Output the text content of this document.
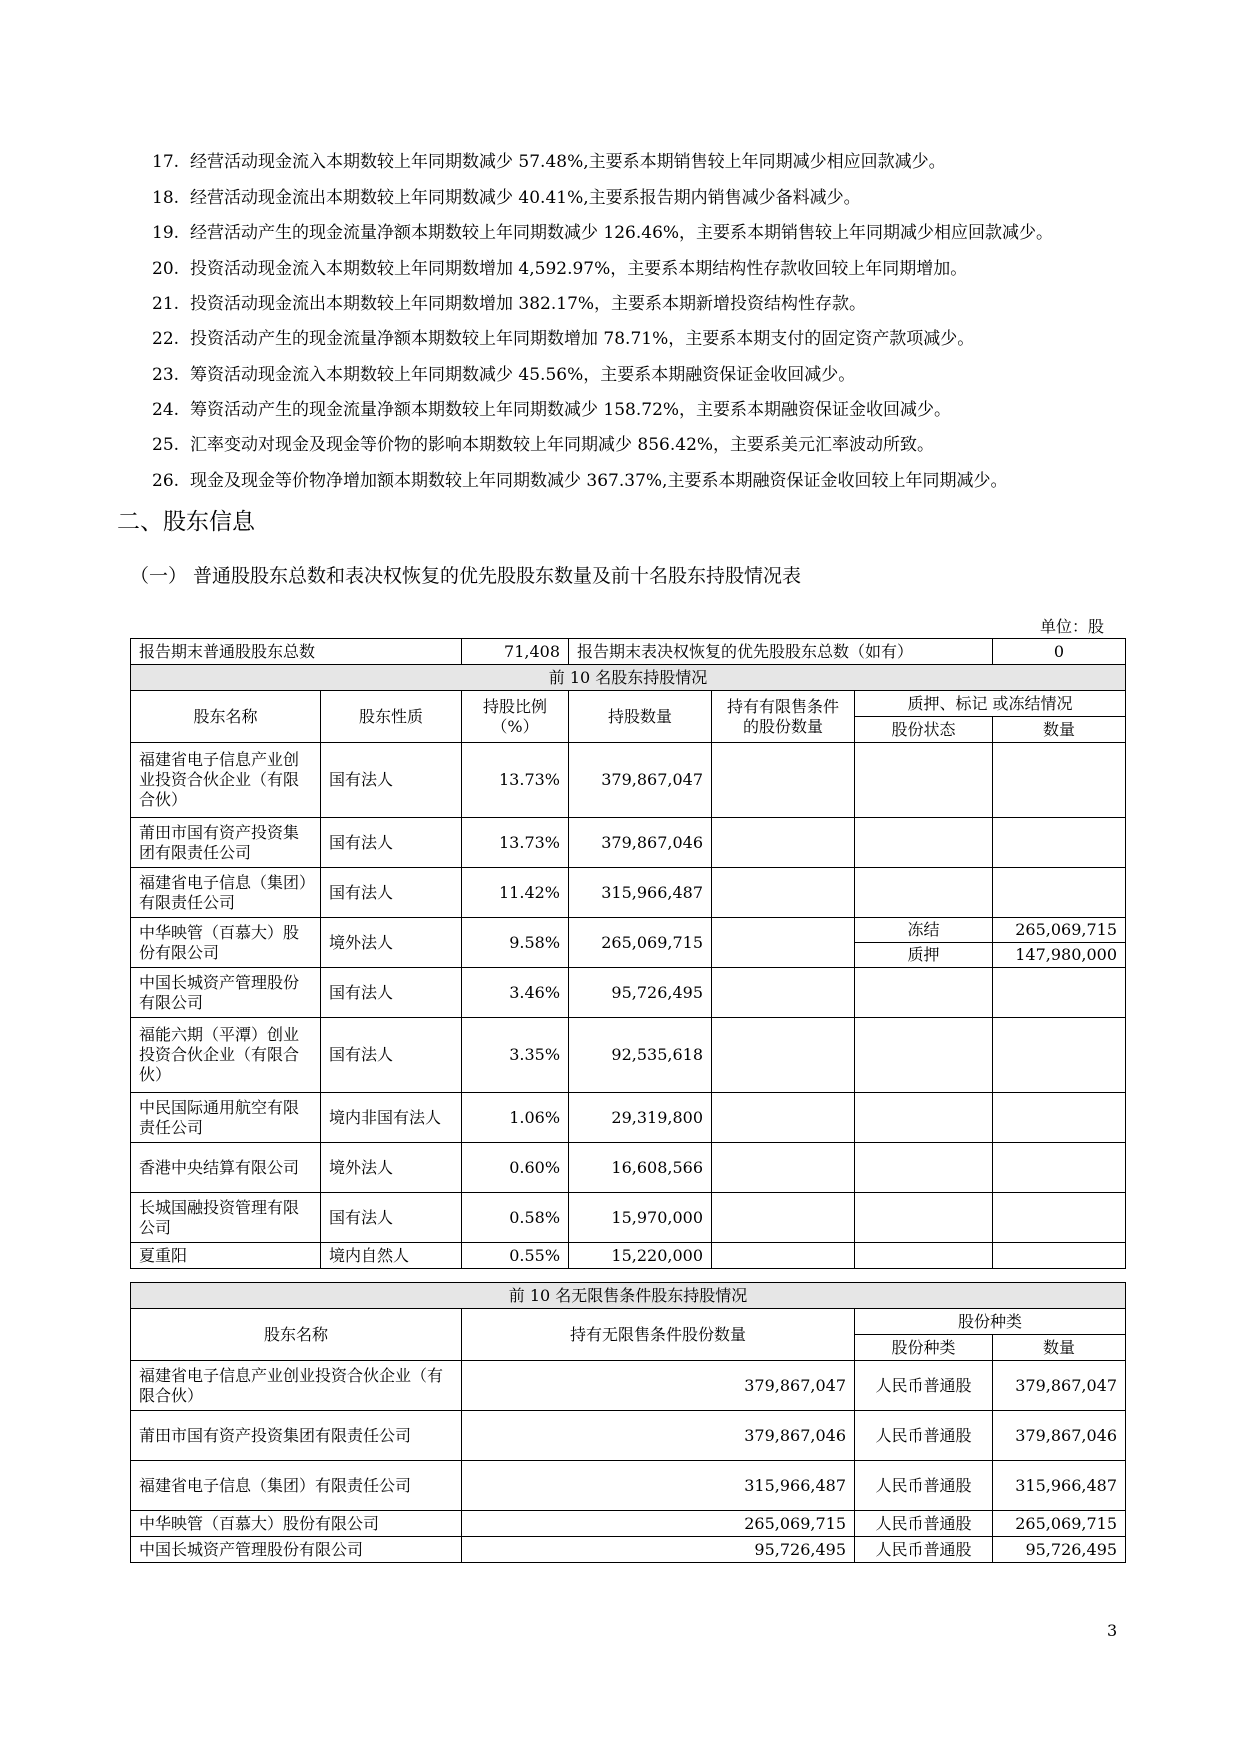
17. 经营活动现金流入本期数较上年同期数减少 57.48%,主要系本期销售较上年同期减少相应回款减少。
18. 经营活动现金流出本期数较上年同期数减少 40.41%,主要系报告期内销售减少备料减少。
19. 经营活动产生的现金流量净额本期数较上年同期数减少 126.46%，主要系本期销售较上年同期减少相应回款减少。
20. 投资活动现金流入本期数较上年同期数增加 4,592.97%，主要系本期结构性存款收回较上年同期增加。
21. 投资活动现金流出本期数较上年同期数增加 382.17%，主要系本期新增投资结构性存款。
22. 投资活动产生的现金流量净额本期数较上年同期数增加 78.71%，主要系本期支付的固定资产款项减少。
23. 筹资活动现金流入本期数较上年同期数减少 45.56%，主要系本期融资保证金收回减少。
24. 筹资活动产生的现金流量净额本期数较上年同期数减少 158.72%，主要系本期融资保证金收回减少。
25. 汇率变动对现金及现金等价物的影响本期数较上年同期减少 856.42%，主要系美元汇率波动所致。
26. 现金及现金等价物净增加额本期数较上年同期数减少 367.37%,主要系本期融资保证金收回较上年同期减少。
二、股东信息
（一） 普通股股东总数和表决权恢复的优先股股东数量及前十名股东持股情况表
单位：股
报告期末普通股股东总数		71,408	报告期末表决权恢复的优先股股东总数（如有）			0
前 10 名股东持股情况						
股东名称	股东性质	持股比例（%）	持股数量	持有有限售条件的股份数量	质押、标记 或冻结情况	
					股份状态	数量
福建省电子信息产业创业投资合伙企业（有限合伙）	国有法人	13.73%	379,867,047			
莆田市国有资产投资集团有限责任公司	国有法人	13.73%	379,867,046			
福建省电子信息（集团）有限责任公司	国有法人	11.42%	315,966,487			
中华映管（百慕大）股份有限公司	境外法人	9.58%	265,069,715		冻结	265,069,715
					质押	147,980,000
中国长城资产管理股份有限公司	国有法人	3.46%	95,726,495			
福能六期（平潭）创业投资合伙企业（有限合伙）	国有法人	3.35%	92,535,618			
中民国际通用航空有限责任公司	境内非国有法人	1.06%	29,319,800			
香港中央结算有限公司	境外法人	0.60%	16,608,566			
长城国融投资管理有限公司	国有法人	0.58%	15,970,000			
夏重阳	境内自然人	0.55%	15,220,000			
前 10 名无限售条件股东持股情况			
股东名称	持有无限售条件股份数量	股份种类	
		股份种类	数量
福建省电子信息产业创业投资合伙企业（有限合伙）	379,867,047	人民币普通股	379,867,047
莆田市国有资产投资集团有限责任公司	379,867,046	人民币普通股	379,867,046
福建省电子信息（集团）有限责任公司	315,966,487	人民币普通股	315,966,487
中华映管（百慕大）股份有限公司	265,069,715	人民币普通股	265,069,715
中国长城资产管理股份有限公司	95,726,495	人民币普通股	95,726,495
3
